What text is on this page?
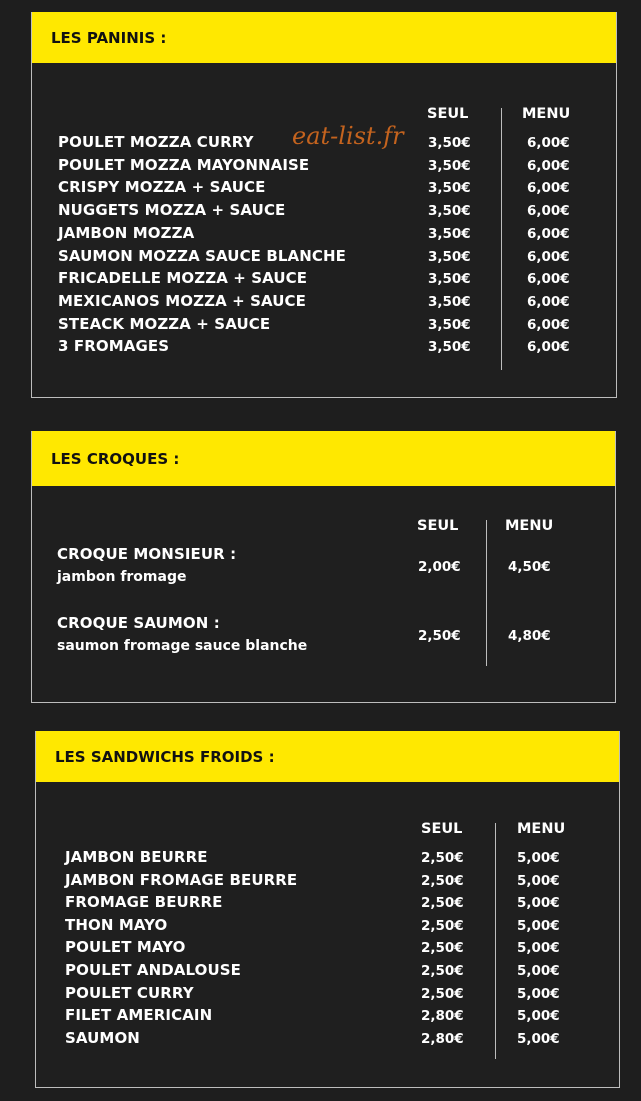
LES PANINIS :
SEUL	MENU
POULET MOZZA CURRY	3,50€	6,00€
POULET MOZZA MAYONNAISE	3,50€	6,00€
CRISPY MOZZA + SAUCE	3,50€	6,00€
NUGGETS MOZZA + SAUCE	3,50€	6,00€
JAMBON MOZZA	3,50€	6,00€
SAUMON MOZZA SAUCE BLANCHE	3,50€	6,00€
FRICADELLE MOZZA + SAUCE	3,50€	6,00€
MEXICANOS MOZZA + SAUCE	3,50€	6,00€
STEACK MOZZA + SAUCE	3,50€	6,00€
3 FROMAGES	3,50€	6,00€
LES CROQUES :
SEUL	MENU
CROQUE MONSIEUR :
jambon fromage
2,00€	4,50€
CROQUE SAUMON :
saumon fromage sauce blanche
2,50€	4,80€
LES SANDWICHS FROIDS :
SEUL	MENU
JAMBON BEURRE	2,50€	5,00€
JAMBON FROMAGE BEURRE	2,50€	5,00€
FROMAGE BEURRE	2,50€	5,00€
THON MAYO	2,50€	5,00€
POULET MAYO	2,50€	5,00€
POULET ANDALOUSE	2,50€	5,00€
POULET CURRY	2,50€	5,00€
FILET AMERICAIN	2,80€	5,00€
SAUMON	2,80€	5,00€
eat-list.fr
